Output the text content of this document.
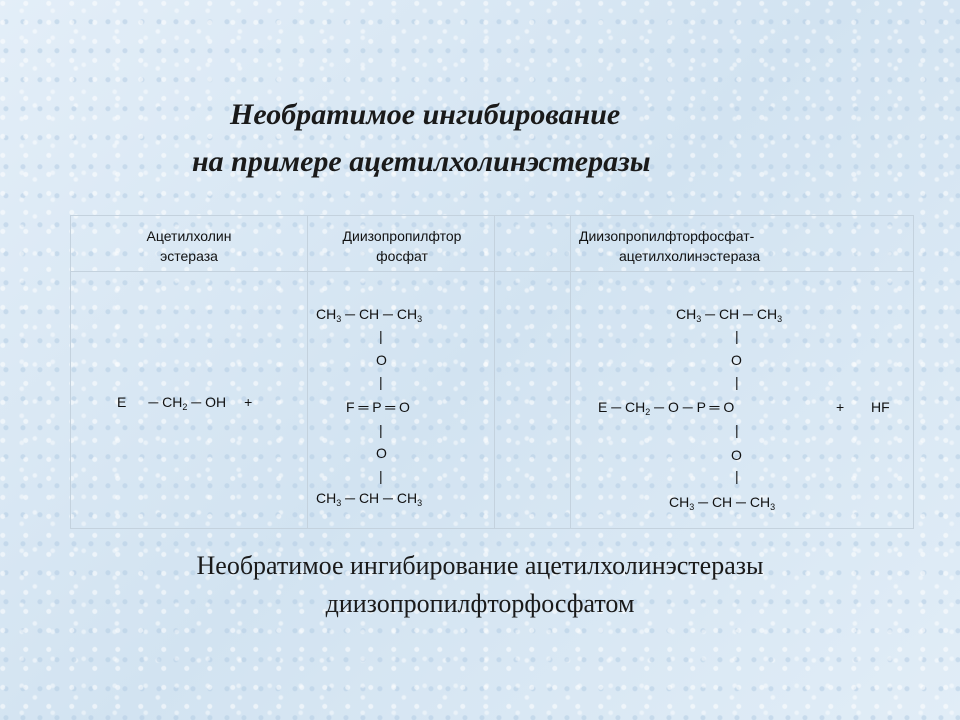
Необратимое ингибирование
на примере ацетилхолинэстеразы
Ацетилхолин
эстераза
Диизопропилфтор
фосфат
Диизопропилфторфосфат-
ацетилхолинэстераза
E ─ $CH_2$ ─ OH +
$CH_3$ ─ CH ─ $CH_3$
|
O
|
F ═ P ═ O
|
O
|
$CH_3$ ─ CH ─ $CH_3$
$CH_3$ ─ CH ─ $CH_3$
|
O
|
E ─ $CH_2$ ─ O ─ P ═ O	+ HF
|
O
|
$CH_3$ ─ CH ─ $CH_3$
Необратимое ингибирование ацетилхолинэстеразы
диизопропилфторфосфатом
